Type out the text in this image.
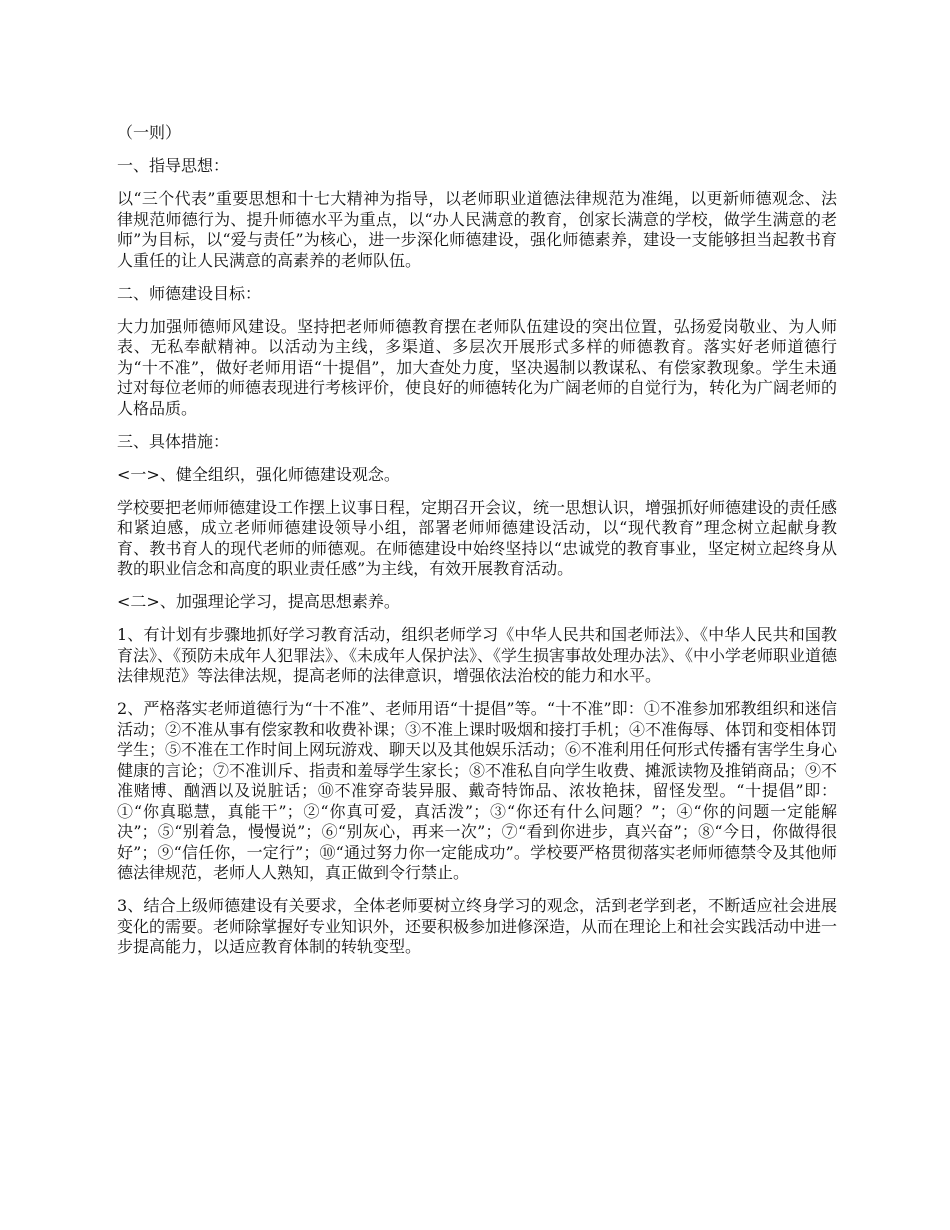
（一则）

一、指导思想：

以“三个代表”重要思想和十七大精神为指导，以老师职业道德法律规范为准绳，以更新师德观念、法律规范师德行为、提升师德水平为重点，以“办人民满意的教育，创家长满意的学校，做学生满意的老师”为目标，以“爱与责任”为核心，进一步深化师德建设，强化师德素养，建设一支能够担当起教书育人重任的让人民满意的高素养的老师队伍。

二、师德建设目标：

大力加强师德师风建设。坚持把老师师德教育摆在老师队伍建设的突出位置，弘扬爱岗敬业、为人师表、无私奉献精神。以活动为主线，多渠道、多层次开展形式多样的师德教育。落实好老师道德行为“十不准”，做好老师用语“十提倡”，加大查处力度，坚决遏制以教谋私、有偿家教现象。学生未通过对每位老师的师德表现进行考核评价，使良好的师德转化为广阔老师的自觉行为，转化为广阔老师的人格品质。

三、具体措施：

<一>、健全组织，强化师德建设观念。

学校要把老师师德建设工作摆上议事日程，定期召开会议，统一思想认识，增强抓好师德建设的责任感和紧迫感，成立老师师德建设领导小组，部署老师师德建设活动，以“现代教育”理念树立起献身教育、教书育人的现代老师的师德观。在师德建设中始终坚持以“忠诚党的教育事业，坚定树立起终身从教的职业信念和高度的职业责任感”为主线，有效开展教育活动。

<二>、加强理论学习，提高思想素养。

1、有计划有步骤地抓好学习教育活动，组织老师学习《中华人民共和国老师法》、《中华人民共和国教育法》、《预防未成年人犯罪法》、《未成年人保护法》、《学生损害事故处理办法》、《中小学老师职业道德法律规范》等法律法规，提高老师的法律意识，增强依法治校的能力和水平。

2、严格落实老师道德行为“十不准”、老师用语“十提倡”等。“十不准”即：①不准参加邪教组织和迷信活动；②不准从事有偿家教和收费补课；③不准上课时吸烟和接打手机；④不准侮辱、体罚和变相体罚学生；⑤不准在工作时间上网玩游戏、聊天以及其他娱乐活动；⑥不准利用任何形式传播有害学生身心健康的言论；⑦不准训斥、指责和羞辱学生家长；⑧不准私自向学生收费、摊派读物及推销商品；⑨不准赌博、酗酒以及说脏话；⑩不准穿奇装异服、戴奇特饰品、浓妆艳抹，留怪发型。“十提倡”即：①“你真聪慧，真能干”；②“你真可爱，真活泼”；③“你还有什么问题？”；④“你的问题一定能解决”；⑤“别着急，慢慢说”；⑥“别灰心，再来一次”；⑦“看到你进步，真兴奋”；⑧“今日，你做得很好”；⑨“信任你，一定行”；⑩“通过努力你一定能成功”。学校要严格贯彻落实老师师德禁令及其他师德法律规范，老师人人熟知，真正做到令行禁止。

3、结合上级师德建设有关要求，全体老师要树立终身学习的观念，活到老学到老，不断适应社会进展变化的需要。老师除掌握好专业知识外，还要积极参加进修深造，从而在理论上和社会实践活动中进一步提高能力，以适应教育体制的转轨变型。
